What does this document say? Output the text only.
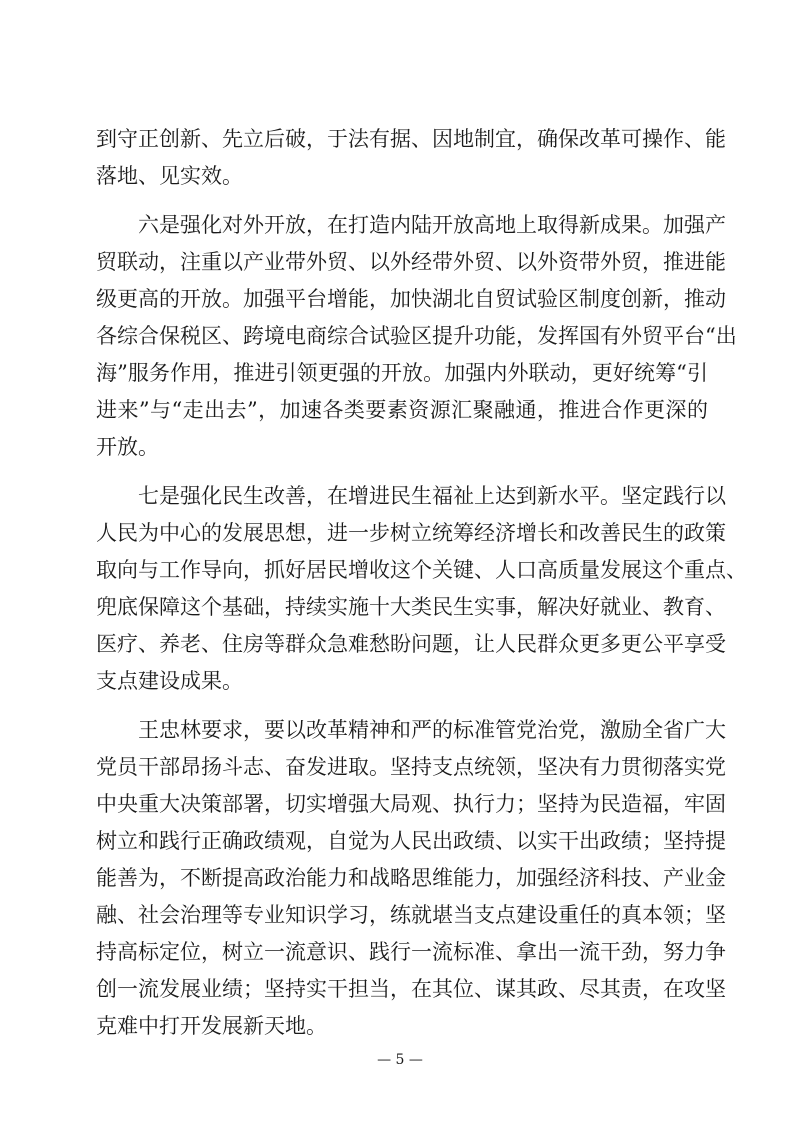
到守正创新、先立后破，于法有据、因地制宜，确保改革可操作、能
落地、见实效。
六是强化对外开放，在打造内陆开放高地上取得新成果。加强产
贸联动，注重以产业带外贸、以外经带外贸、以外资带外贸，推进能
级更高的开放。加强平台增能，加快湖北自贸试验区制度创新，推动
各综合保税区、跨境电商综合试验区提升功能，发挥国有外贸平台“出
海”服务作用，推进引领更强的开放。加强内外联动，更好统筹“引
进来”与“走出去”，加速各类要素资源汇聚融通，推进合作更深的
开放。
七是强化民生改善，在增进民生福祉上达到新水平。坚定践行以
人民为中心的发展思想，进一步树立统筹经济增长和改善民生的政策
取向与工作导向，抓好居民增收这个关键、人口高质量发展这个重点、
兜底保障这个基础，持续实施十大类民生实事，解决好就业、教育、
医疗、养老、住房等群众急难愁盼问题，让人民群众更多更公平享受
支点建设成果。
王忠林要求，要以改革精神和严的标准管党治党，激励全省广大
党员干部昂扬斗志、奋发进取。坚持支点统领，坚决有力贯彻落实党
中央重大决策部署，切实增强大局观、执行力；坚持为民造福，牢固
树立和践行正确政绩观，自觉为人民出政绩、以实干出政绩；坚持提
能善为，不断提高政治能力和战略思维能力，加强经济科技、产业金
融、社会治理等专业知识学习，练就堪当支点建设重任的真本领；坚
持高标定位，树立一流意识、践行一流标准、拿出一流干劲，努力争
创一流发展业绩；坚持实干担当，在其位、谋其政、尽其责，在攻坚
克难中打开发展新天地。
— 5 —
